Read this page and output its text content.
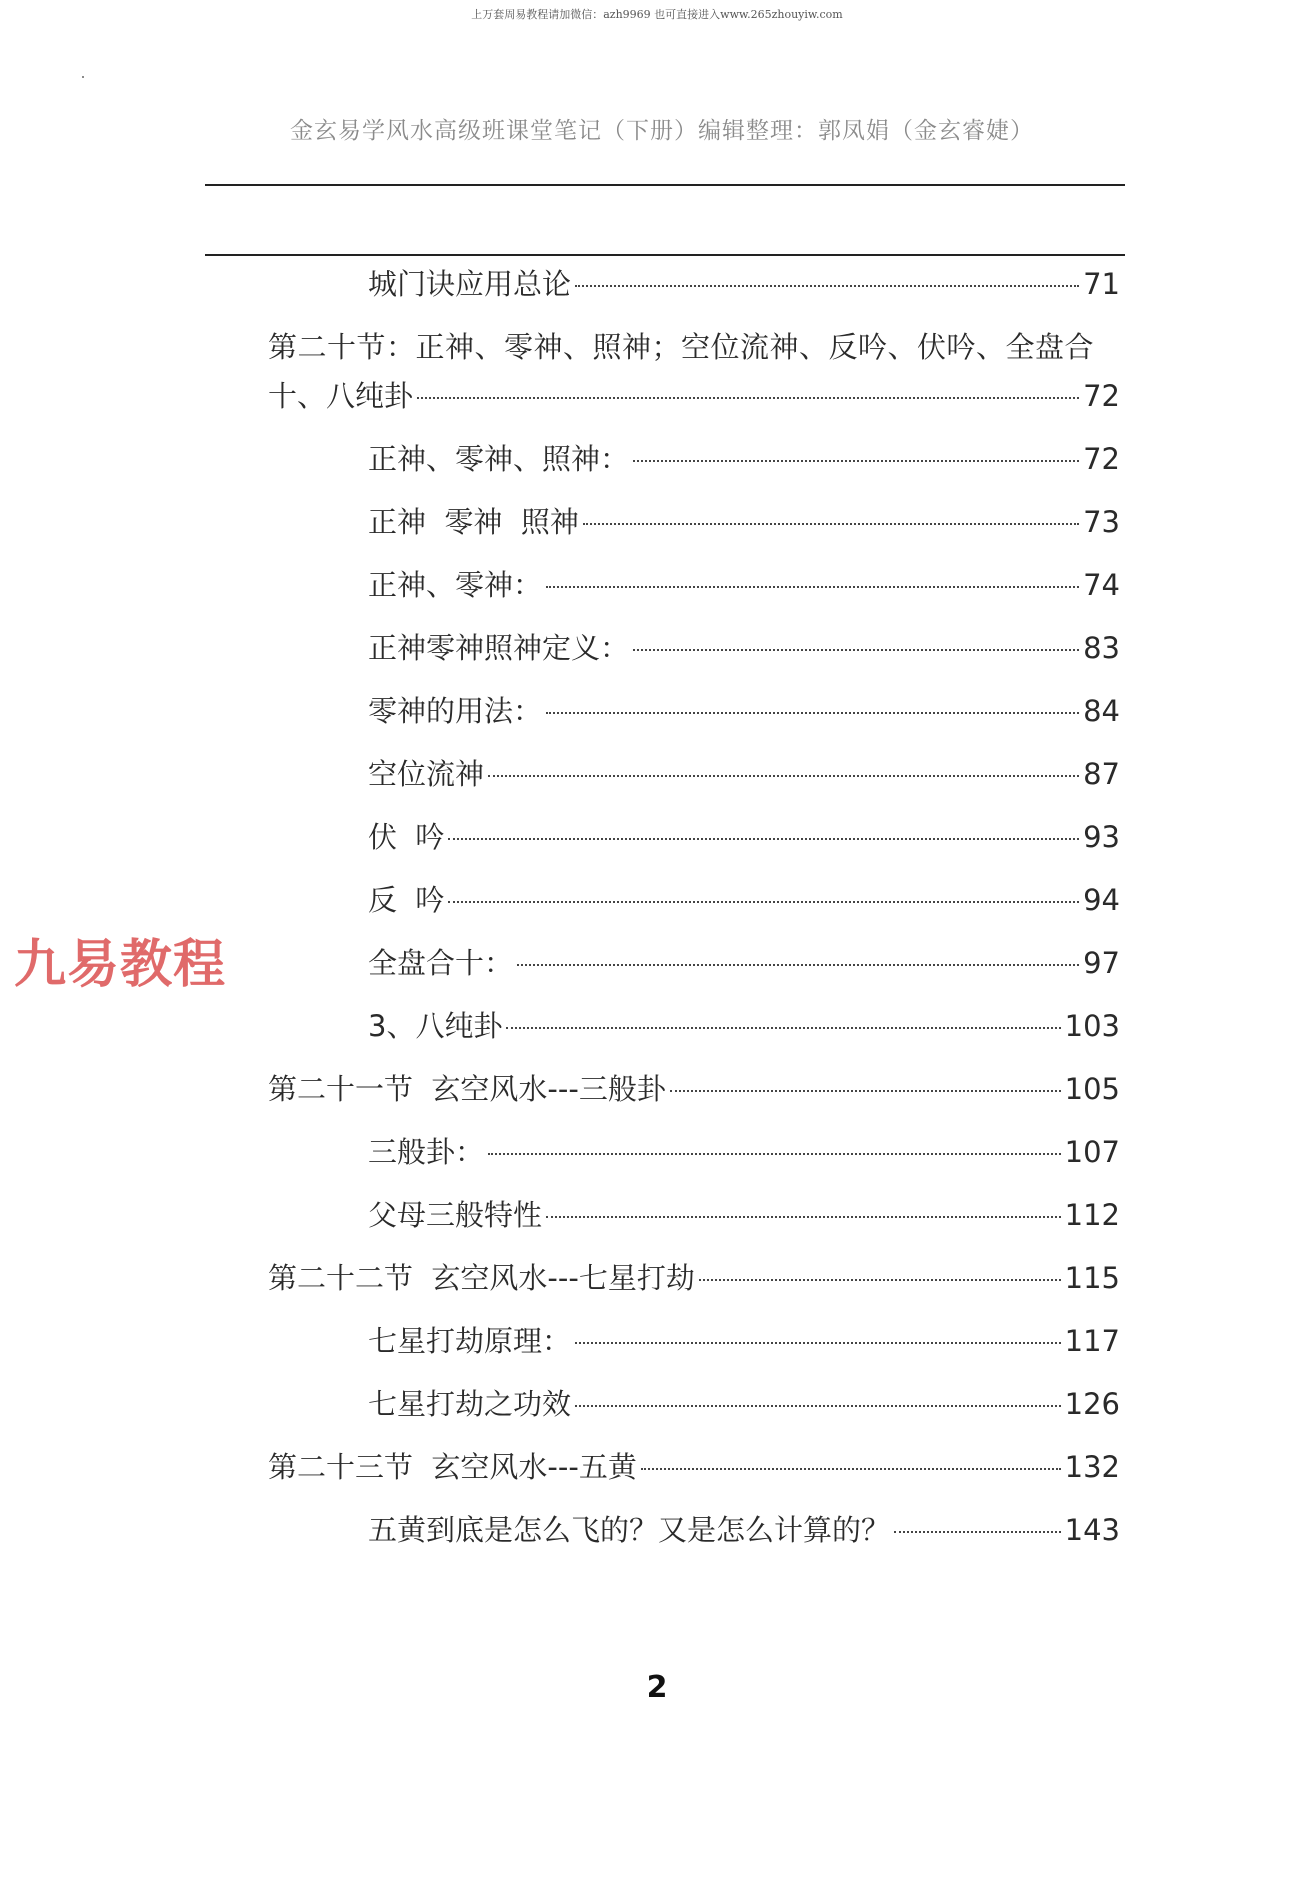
上万套周易教程请加微信：azh9969 也可直接进入www.265zhouyiw.com
金玄易学风水高级班课堂笔记（下册）编辑整理：郭凤娟（金玄睿婕）
九易教程
城门诀应用总论	71
第二十节：正神、零神、照神；空位流神、反吟、伏吟、全盘合
十、八纯卦	72
正神、零神、照神：	72
正神  零神  照神	73
正神、零神：	74
正神零神照神定义：	83
零神的用法：	84
空位流神	87
伏  吟	93
反  吟	94
全盘合十：	97
3、八纯卦	103
第二十一节  玄空风水---三般卦	105
三般卦：	107
父母三般特性	112
第二十二节  玄空风水---七星打劫	115
七星打劫原理：	117
七星打劫之功效	126
第二十三节  玄空风水---五黄	132
五黄到底是怎么飞的？又是怎么计算的？	143
2
